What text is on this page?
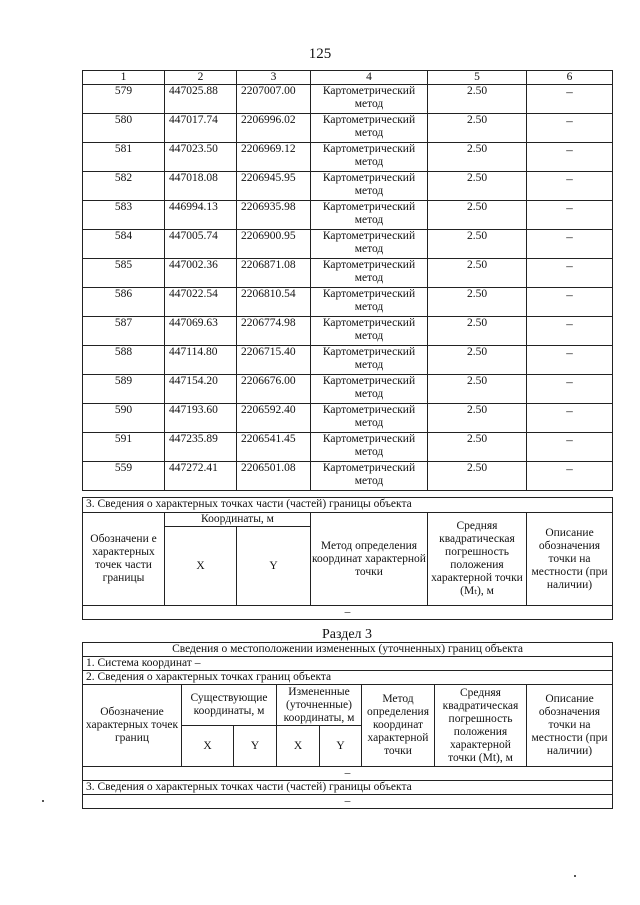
125
1	2	3	4	5	6
579	447025.88	2207007.00	Картометрический метод	2.50	–
580	447017.74	2206996.02	Картометрический метод	2.50	–
581	447023.50	2206969.12	Картометрический метод	2.50	–
582	447018.08	2206945.95	Картометрический метод	2.50	–
583	446994.13	2206935.98	Картометрический метод	2.50	–
584	447005.74	2206900.95	Картометрический метод	2.50	–
585	447002.36	2206871.08	Картометрический метод	2.50	–
586	447022.54	2206810.54	Картометрический метод	2.50	–
587	447069.63	2206774.98	Картометрический метод	2.50	–
588	447114.80	2206715.40	Картометрический метод	2.50	–
589	447154.20	2206676.00	Картометрический метод	2.50	–
590	447193.60	2206592.40	Картометрический метод	2.50	–
591	447235.89	2206541.45	Картометрический метод	2.50	–
559	447272.41	2206501.08	Картометрический метод	2.50	–
3. Сведения о характерных точках части (частей) границы объекта					
Обозначени е характерных точек части границы	Координаты, м		Метод определения координат характерной точки	Средняя квадратическая погрешность положения характерной точки (Mₜ), м	Описание обозначения точки на местности (при наличии)
	X	Y			
–					
Раздел 3
Сведения о местоположении измененных (уточненных) границ объекта							
1. Система координат –							
2. Сведения о характерных точках границ объекта							
Обозначение характерных точек границ	Существующие координаты, м		Измененные (уточненные) координаты, м		Метод определения координат характерной точки	Средняя квадратическая погрешность положения характерной точки (Mt), м	Описание обозначения точки на местности (при наличии)
	X	Y	X	Y			
–							
3. Сведения о характерных точках части (частей) границы объекта							
–							
